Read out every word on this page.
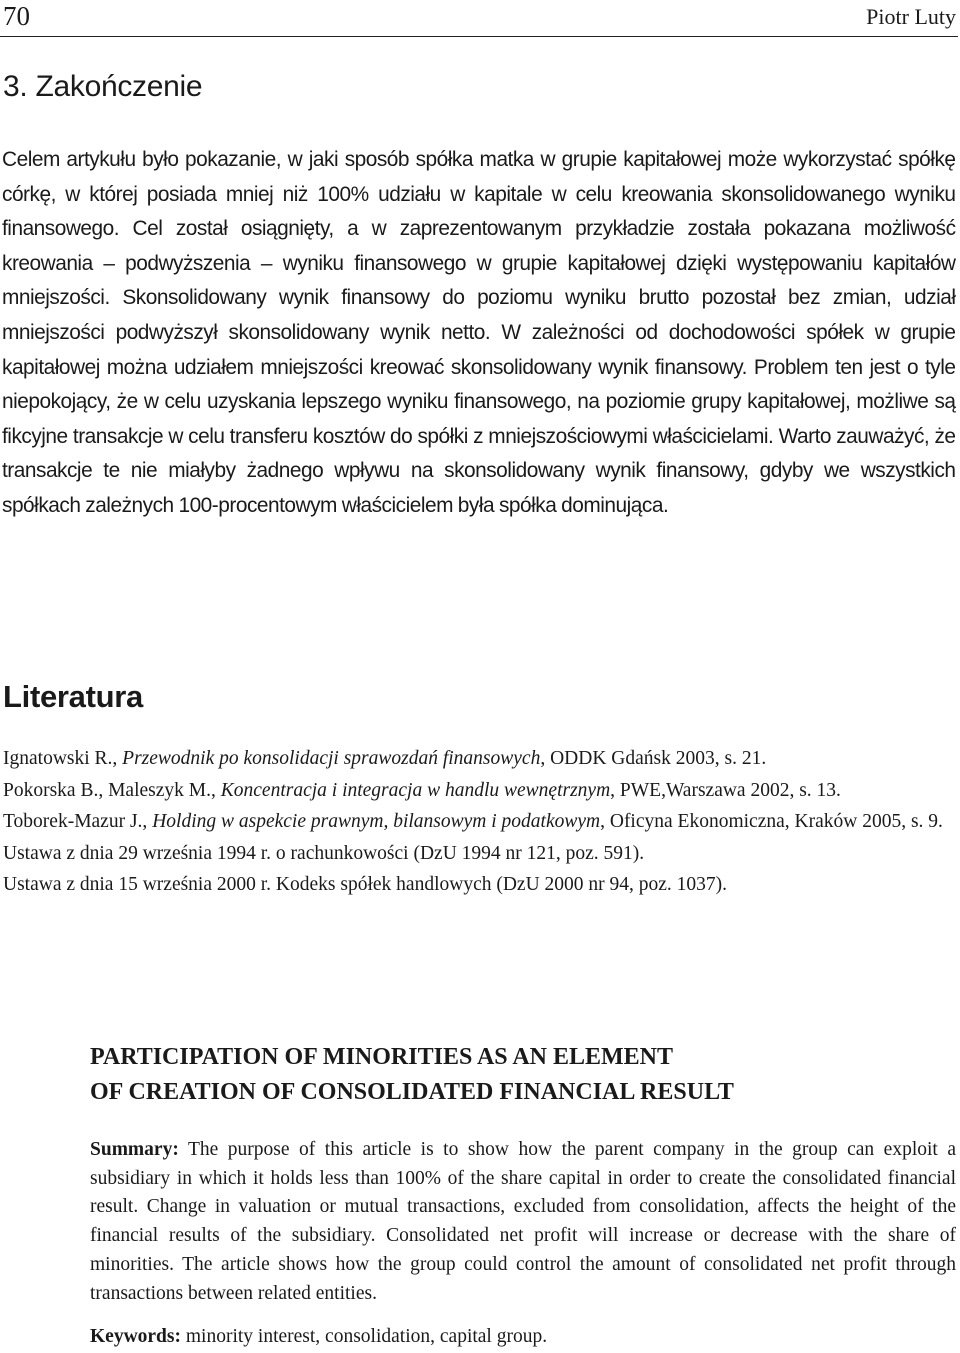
70	Piotr Luty
3. Zakończenie
Celem artykułu było pokazanie, w jaki sposób spółka matka w grupie kapitałowej może wykorzystać spółkę córkę, w której posiada mniej niż 100% udziału w kapitale w celu kreowania skonsolidowanego wyniku finansowego. Cel został osiągnięty, a w zaprezentowanym przykładzie została pokazana możliwość kreowania – podwyższenia – wyniku finansowego w grupie kapitałowej dzięki występowaniu kapitałów mniejszości. Skonsolidowany wynik finansowy do poziomu wyniku brutto pozostał bez zmian, udział mniejszości podwyższył skonsolidowany wynik netto. W zależności od dochodowości spółek w grupie kapitałowej można udziałem mniejszości kreować skonsolidowany wynik finansowy. Problem ten jest o tyle niepokojący, że w celu uzyskania lepszego wyniku finansowego, na poziomie grupy kapitałowej, możliwe są fikcyjne transakcje w celu transferu kosztów do spółki z mniejszościowymi właścicielami. Warto zauważyć, że transakcje te nie miałyby żadnego wpływu na skonsolidowany wynik finansowy, gdyby we wszystkich spółkach zależnych 100-procentowym właścicielem była spółka dominująca.
Literatura

Ignatowski R., Przewodnik po konsolidacji sprawozdań finansowych, ODDK Gdańsk 2003, s. 21.

Pokorska B., Maleszyk M., Koncentracja i integracja w handlu wewnętrznym, PWE,Warszawa 2002, s. 13.

Toborek-Mazur J., Holding w aspekcie prawnym, bilansowym i podatkowym, Oficyna Ekonomiczna, Kraków 2005, s. 9.

Ustawa z dnia 29 września 1994 r. o rachunkowości (DzU 1994 nr 121, poz. 591).

Ustawa z dnia 15 września 2000 r. Kodeks spółek handlowych (DzU 2000 nr 94, poz. 1037).

PARTICIPATION OF MINORITIES AS AN ELEMENT
OF CREATION OF CONSOLIDATED FINANCIAL RESULT
Summary: The purpose of this article is to show how the parent company in the group can exploit a subsidiary in which it holds less than 100% of the share capital in order to create the consolidated financial result. Change in valuation or mutual transactions, excluded from consolidation, affects the height of the financial results of the subsidiary. Consolidated net profit will increase or decrease with the share of minorities. The article shows how the group could control the amount of consolidated net profit through transactions between related entities.
Keywords: minority interest, consolidation, capital group.
